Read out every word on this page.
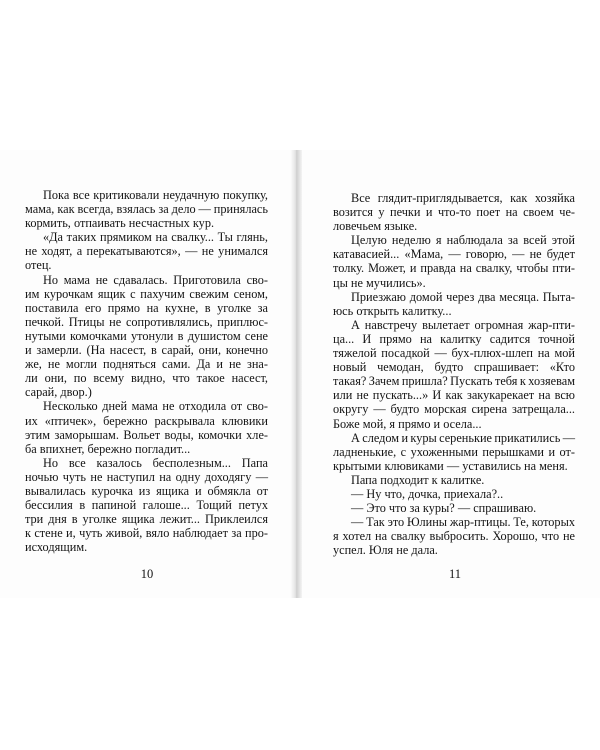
Пока все критиковали неудачную покупку,
мама, как всегда, взялась за дело — принялась
кормить, отпаивать несчастных кур.
«Да таких прямиком на свалку... Ты глянь,
не ходят, а перекатываются», — не унимался
отец.
Но мама не сдавалась. Приготовила сво-
им курочкам ящик с пахучим свежим сеном,
поставила его прямо на кухне, в уголке за
печкой. Птицы не сопротивлялись, приплюс-
нутыми комочками утонули в душистом сене
и замерли. (На насест, в сарай, они, конечно
же, не могли подняться сами. Да и не зна-
ли они, по всему видно, что такое насест,
сарай, двор.)
Несколько дней мама не отходила от сво-
их «птичек», бережно раскрывала клювики
этим заморышам. Вольет воды, комочки хле-
ба впихнет, бережно погладит...
Но все казалось бесполезным... Папа
ночью чуть не наступил на одну доходягу —
вывалилась курочка из ящика и обмякла от
бессилия в папиной галоше... Тощий петух
три дня в уголке ящика лежит... Приклеился
к стене и, чуть живой, вяло наблюдает за про-
исходящим.
Все глядит-приглядывается, как хозяйка
возится у печки и что-то поет на своем че-
ловечьем языке.
Целую неделю я наблюдала за всей этой
катавасией... «Мама, — говорю, — не будет
толку. Может, и правда на свалку, чтобы пти-
цы не мучились».
Приезжаю домой через два месяца. Пыта-
юсь открыть калитку...
А навстречу вылетает огромная жар-пти-
ца... И прямо на калитку садится точной
тяжелой посадкой — бух-плюх-шлеп на мой
новый чемодан, будто спрашивает: «Кто
такая? Зачем пришла? Пускать тебя к хозяевам
или не пускать...» И как закукарекает на всю
округу — будто морская сирена затрещала...
Боже мой, я прямо и осела...
А следом и куры серенькие прикатились —
ладненькие, с ухоженными перышками и от-
крытыми клювиками — уставились на меня.
Папа подходит к калитке.
— Ну что, дочка, приехала?..
— Это что за куры? — спрашиваю.
— Так это Юлины жар-птицы. Те, которых
я хотел на свалку выбросить. Хорошо, что не
успел. Юля не дала.
10	11
